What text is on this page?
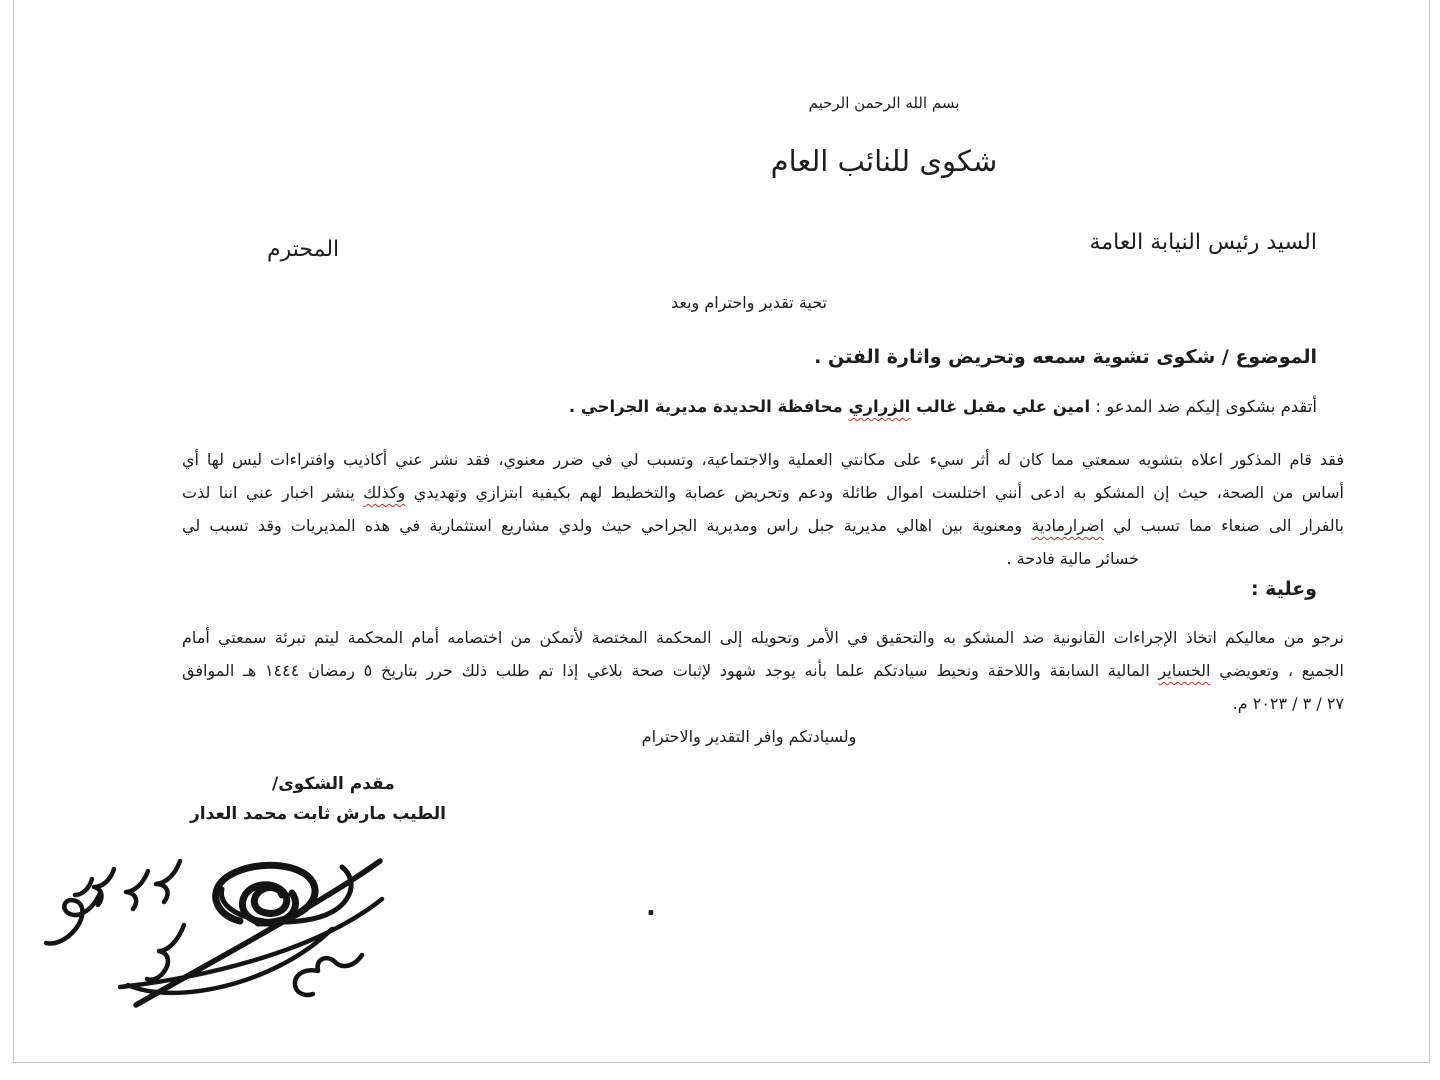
بسم الله الرحمن الرحيم
شكوى للنائب العام
السيد رئيس النيابة العامة
المحترم
تحية تقدير واحترام وبعد
الموضوع / شكوى تشوية سمعه وتحريض واثارة الفتن .
أتقدم بشكوى إليكم ضد المدعو : امين علي مقبل غالب الزراري محافظة الحديدة مديرية الجراحي .
فقد قام المذكور اعلاه بتشويه سمعتي مما كان له أثر سيء على مكانتي العملية والاجتماعية، وتسبب لي في ضرر معنوي، فقد نشر عني أكاذيب وافتراءات ليس لها أي
أساس من الصحة، حيث إن المشكو به ادعى أنني اختلست اموال طائلة ودعم وتحريض عصابة والتخطيط لهم بكيفية ابتزازي وتهديدي وكذلك ينشر اخبار عني اننا لذت
بالفرار الى صنعاء مما تسبب لي اضرارمادية ومعنوية بين اهالي مديرية جبل راس ومديرية الجراحي حيث ولدي مشاريع استثمارية في هذه المديريات وقد تسبب لي
خسائر مالية فادحة .
وعلية :
نرجو من معاليكم اتخاذ الإجراءات القانونية ضد المشكو به والتحقيق في الأمر وتحويله إلى المحكمة المختصة لأتمكن من اختصامه أمام المحكمة ليتم تبرئة سمعتي أمام
الجميع ، وتعويضي الخساير المالية السابقة واللاحقة ونحيط سيادتكم علما بأنه يوجد شهود لإثبات صحة بلاغي إذا تم طلب ذلك حرر بتاريخ ٥ رمضان ١٤٤٤ هـ الموافق
٢٧ / ٣ / ٢٠٢٣ م.
ولسيادتكم وافر التقدير والاحترام
مقدم الشكوى/
الطيب مارش ثابت محمد العدار
.
